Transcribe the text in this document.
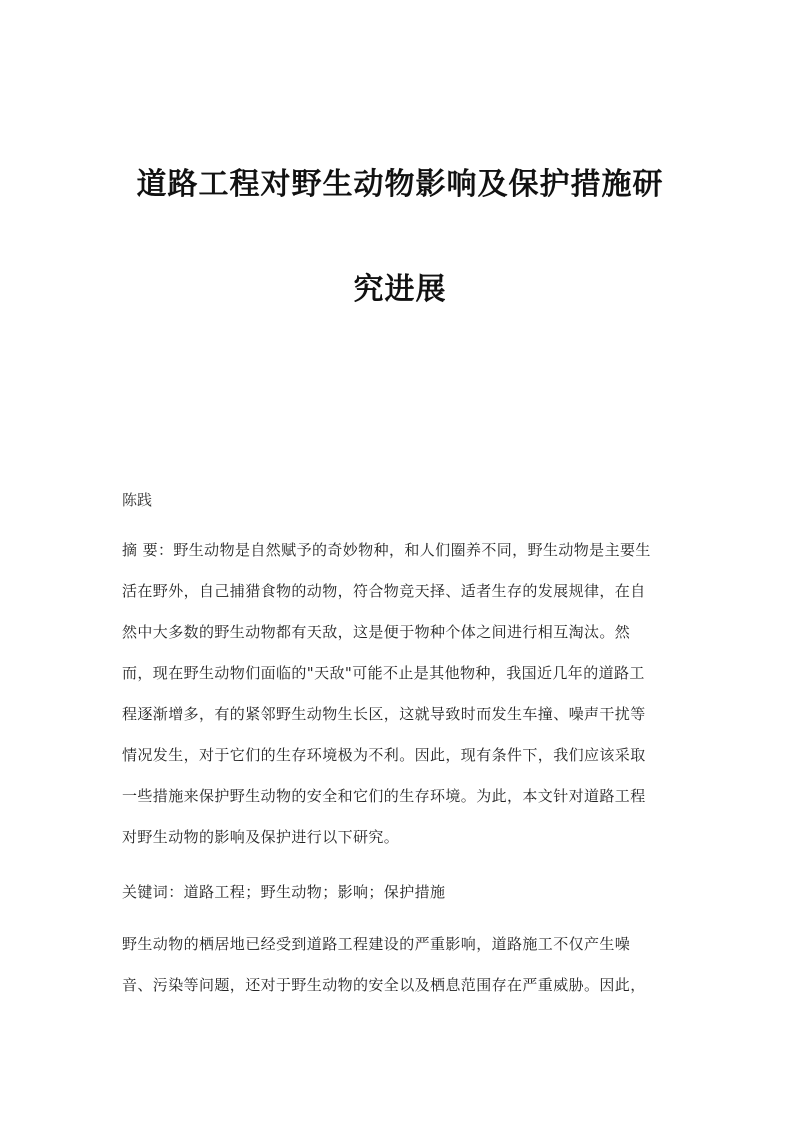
道路工程对野生动物影响及保护措施研
究进展
陈践
摘 要：野生动物是自然赋予的奇妙物种，和人们圈养不同，野生动物是主要生
活在野外，自己捕猎食物的动物，符合物竞天择、适者生存的发展规律，在自
然中大多数的野生动物都有天敌，这是便于物种个体之间进行相互淘汰。然
而，现在野生动物们面临的"天敌"可能不止是其他物种，我国近几年的道路工
程逐渐增多，有的紧邻野生动物生长区，这就导致时而发生车撞、噪声干扰等
情况发生，对于它们的生存环境极为不利。因此，现有条件下，我们应该采取
一些措施来保护野生动物的安全和它们的生存环境。为此，本文针对道路工程
对野生动物的影响及保护进行以下研究。
关键词：道路工程；野生动物；影响；保护措施
野生动物的栖居地已经受到道路工程建设的严重影响，道路施工不仅产生噪
音、污染等问题，还对于野生动物的安全以及栖息范围存在严重威胁。因此，
